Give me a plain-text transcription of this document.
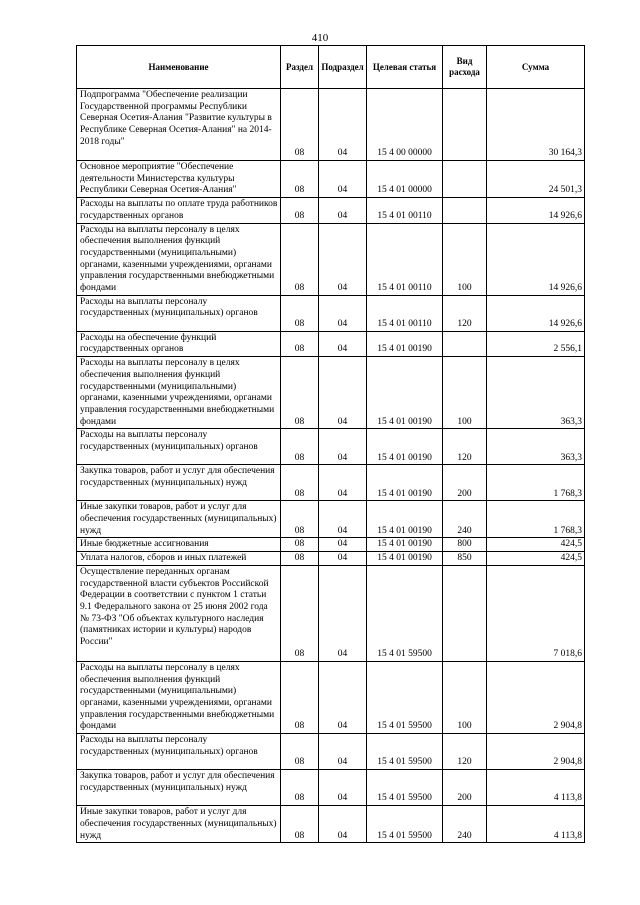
410
Наименование	Раздел	Подраздел	Целевая статья	Вид расхода	Сумма
Подпрограмма "Обеспечение реализации Государственной программы Республики Северная Осетия-Алания "Развитие культуры в Республике Северная Осетия-Алания" на 2014-2018 годы"	08	04	15 4 00 00000		30 164,3
Основное мероприятие "Обеспечение деятельности Министерства культуры Республики Северная Осетия-Алания"	08	04	15 4 01 00000		24 501,3
Расходы на выплаты по оплате труда работников государственных органов	08	04	15 4 01 00110		14 926,6
Расходы на выплаты персоналу в целях обеспечения выполнения функций государственными (муниципальными) органами, казенными учреждениями, органами управления государственными внебюджетными фондами	08	04	15 4 01 00110	100	14 926,6
Расходы на выплаты персоналу государственных (муниципальных) органов	08	04	15 4 01 00110	120	14 926,6
Расходы на обеспечение функций государственных органов	08	04	15 4 01 00190		2 556,1
Расходы на выплаты персоналу в целях обеспечения выполнения функций государственными (муниципальными) органами, казенными учреждениями, органами управления государственными внебюджетными фондами	08	04	15 4 01 00190	100	363,3
Расходы на выплаты персоналу государственных (муниципальных) органов	08	04	15 4 01 00190	120	363,3
Закупка товаров, работ и услуг для обеспечения государственных (муниципальных) нужд	08	04	15 4 01 00190	200	1 768,3
Иные закупки товаров, работ и услуг для обеспечения государственных (муниципальных) нужд	08	04	15 4 01 00190	240	1 768,3
Иные бюджетные ассигнования	08	04	15 4 01 00190	800	424,5
Уплата налогов, сборов и иных платежей	08	04	15 4 01 00190	850	424,5
Осуществление переданных органам государственной власти субъектов Российской Федерации в соответствии с пунктом 1 статьи 9.1 Федерального закона от 25 июня 2002 года № 73-ФЗ "Об объектах культурного наследия (памятниках истории и культуры) народов России"	08	04	15 4 01 59500		7 018,6
Расходы на выплаты персоналу в целях обеспечения выполнения функций государственными (муниципальными) органами, казенными учреждениями, органами управления государственными внебюджетными фондами	08	04	15 4 01 59500	100	2 904,8
Расходы на выплаты персоналу государственных (муниципальных) органов	08	04	15 4 01 59500	120	2 904,8
Закупка товаров, работ и услуг для обеспечения государственных (муниципальных) нужд	08	04	15 4 01 59500	200	4 113,8
Иные закупки товаров, работ и услуг для обеспечения государственных (муниципальных) нужд	08	04	15 4 01 59500	240	4 113,8
